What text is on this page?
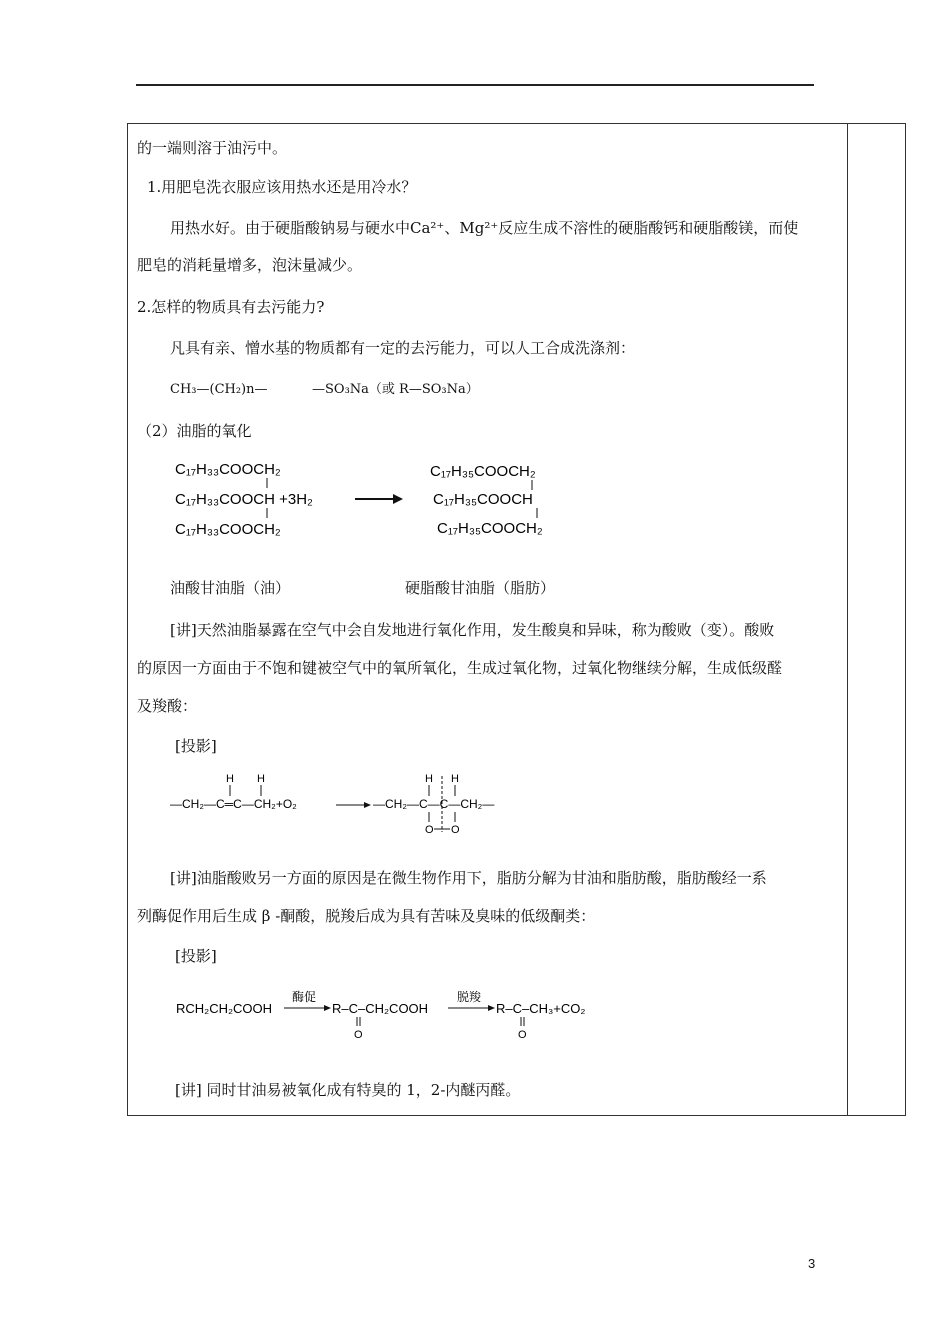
的一端则溶于油污中。
1.用肥皂洗衣服应该用热水还是用冷水？
用热水好。由于硬脂酸钠易与硬水中Ca²⁺、Mg²⁺反应生成不溶性的硬脂酸钙和硬脂酸镁，而使
肥皂的消耗量增多，泡沫量减少。
2.怎样的物质具有去污能力?
凡具有亲、憎水基的物质都有一定的去污能力，可以人工合成洗涤剂：
CH₃—(CH₂)n—	—SO₃Na（或 R—SO₃Na）
（2）油脂的氧化
C₁₇H₃₃COOCH₂
C₁₇H₃₃COOCH +3H₂
C₁₇H₃₃COOCH₂
C₁₇H₃₅COOCH₂
C₁₇H₃₅COOCH
C₁₇H₃₅COOCH₂
油酸甘油脂（油）	硬脂酸甘油脂（脂肪）
[讲]天然油脂暴露在空气中会自发地进行氧化作用，发生酸臭和异味，称为酸败（变）。酸败
的原因一方面由于不饱和键被空气中的氧所氧化，生成过氧化物，过氧化物继续分解，生成低级醛
及羧酸：
[投影]
H H
—CH₂—C═C—CH₂+O₂
H H
—CH₂—C—C—CH₂—
O O
[讲]油脂酸败另一方面的原因是在微生物作用下，脂肪分解为甘油和脂肪酸，脂肪酸经一系
列酶促作用后生成 β -酮酸，脱羧后成为具有苦味及臭味的低级酮类：
[投影]
RCH₂CH₂COOH
酶促
R–C–CH₂COOH
O
脱羧
R–C–CH₃+CO₂
O
[讲] 同时甘油易被氧化成有特臭的 1，2-内醚丙醛。
3
